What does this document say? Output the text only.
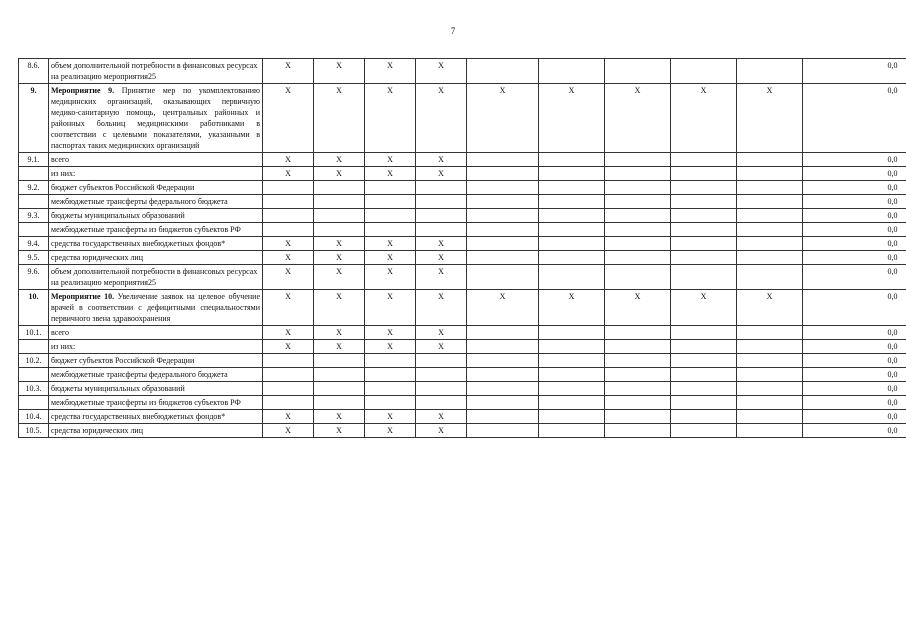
7
8.6.	объем дополнительной потребности в финансовых ресурсах на реализацию мероприятия25	Х	Х	Х	Х						0,0
9.	Мероприятие 9. Принятие мер по укомплектованию медицинских организаций, оказывающих первичную медико-санитарную помощь, центральных районных и районных больниц медицинскими работниками в соответствии с целевыми показателями, указанными в паспортах таких медицинских организаций	Х	Х	Х	Х	Х	Х	Х	Х	Х	0,0
9.1.	всего	Х	Х	Х	Х						0,0
	из них:	Х	Х	Х	Х						0,0
9.2.	бюджет субъектов Российской Федерации										0,0
	межбюджетные трансферты федерального бюджета										0,0
9.3.	бюджеты муниципальных образований										0,0
	межбюджетные трансферты из бюджетов субъектов РФ										0,0
9.4.	средства государственных внебюджетных фондов*	Х	Х	Х	Х						0,0
9.5.	средства юридических лиц	Х	Х	Х	Х						0,0
9.6.	объем дополнительной потребности в финансовых ресурсах на реализацию мероприятия25	Х	Х	Х	Х						0,0
10.	Мероприятие 10. Увеличение заявок на целевое обучение врачей в соответствии с дефицитными специальностями первичного звена здравоохранения	Х	Х	Х	Х	Х	Х	Х	Х	Х	0,0
10.1.	всего	Х	Х	Х	Х						0,0
	из них:	Х	Х	Х	Х						0,0
10.2.	бюджет субъектов Российской Федерации										0,0
	межбюджетные трансферты федерального бюджета										0,0
10.3.	бюджеты муниципальных образований										0,0
	межбюджетные трансферты из бюджетов субъектов РФ										0,0
10.4.	средства государственных внебюджетных фондов*	Х	Х	Х	Х						0,0
10.5.	средства юридических лиц	Х	Х	Х	Х						0,0
